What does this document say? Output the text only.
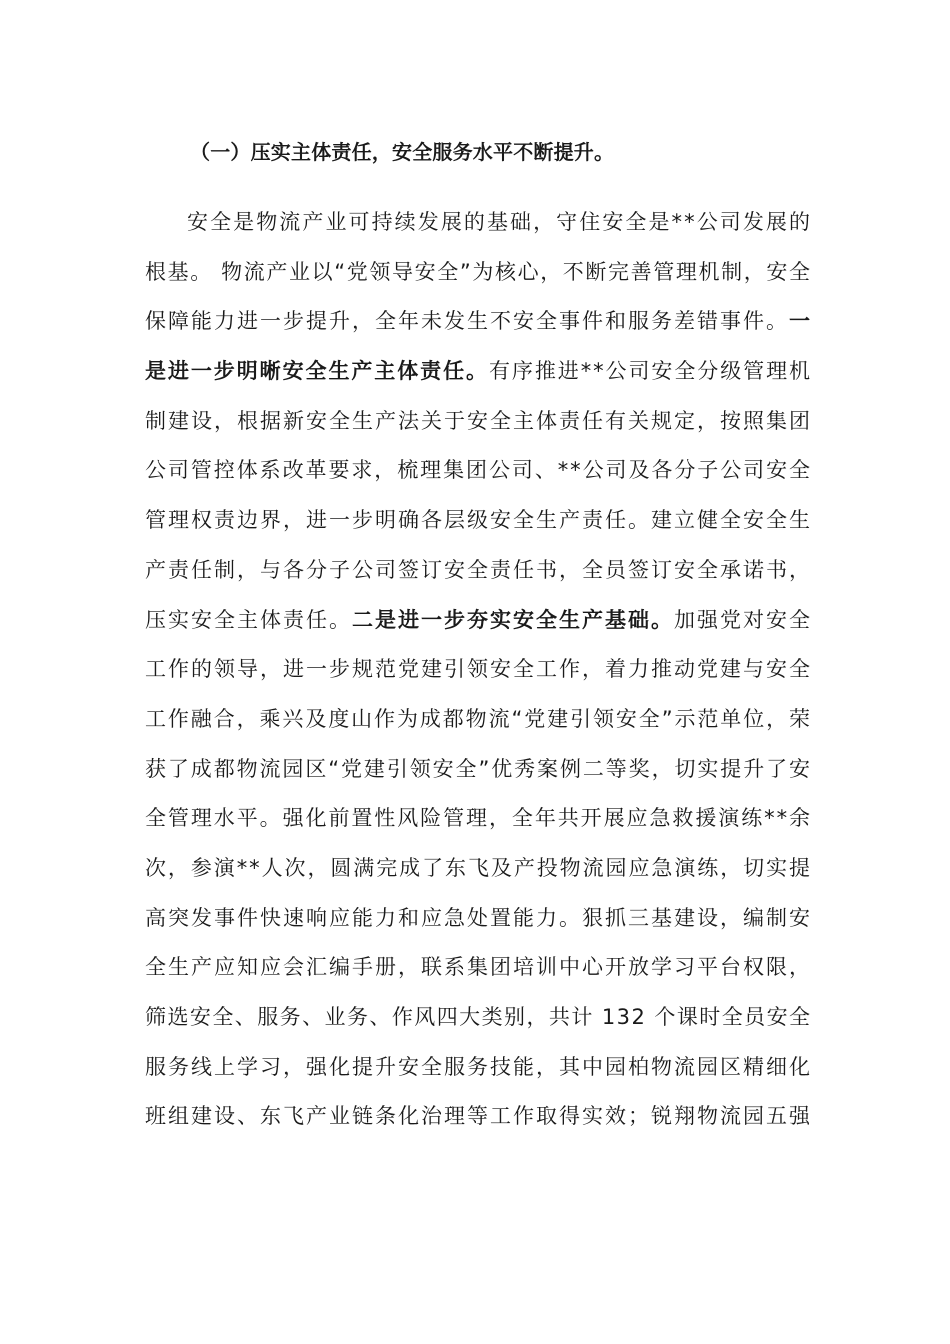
（一）压实主体责任，安全服务水平不断提升。
安全是物流产业可持续发展的基础，守住安全是**公司发展的
根基。 物流产业以“党领导安全”为核心，不断完善管理机制，安全
保障能力进一步提升，全年未发生不安全事件和服务差错事件。一
是进一步明晰安全生产主体责任。有序推进**公司安全分级管理机
制建设，根据新安全生产法关于安全主体责任有关规定，按照集团
公司管控体系改革要求，梳理集团公司、**公司及各分子公司安全
管理权责边界，进一步明确各层级安全生产责任。建立健全安全生
产责任制，与各分子公司签订安全责任书，全员签订安全承诺书，
压实安全主体责任。二是进一步夯实安全生产基础。加强党对安全
工作的领导，进一步规范党建引领安全工作，着力推动党建与安全
工作融合，乘兴及度山作为成都物流“党建引领安全”示范单位，荣
获了成都物流园区“党建引领安全”优秀案例二等奖，切实提升了安
全管理水平。强化前置性风险管理，全年共开展应急救援演练**余
次，参演**人次，圆满完成了东飞及产投物流园应急演练，切实提
高突发事件快速响应能力和应急处置能力。狠抓三基建设，编制安
全生产应知应会汇编手册，联系集团培训中心开放学习平台权限，
筛选安全、服务、业务、作风四大类别，共计 132 个课时全员安全
服务线上学习，强化提升安全服务技能，其中园柏物流园区精细化
班组建设、东飞产业链条化治理等工作取得实效；锐翔物流园五强
